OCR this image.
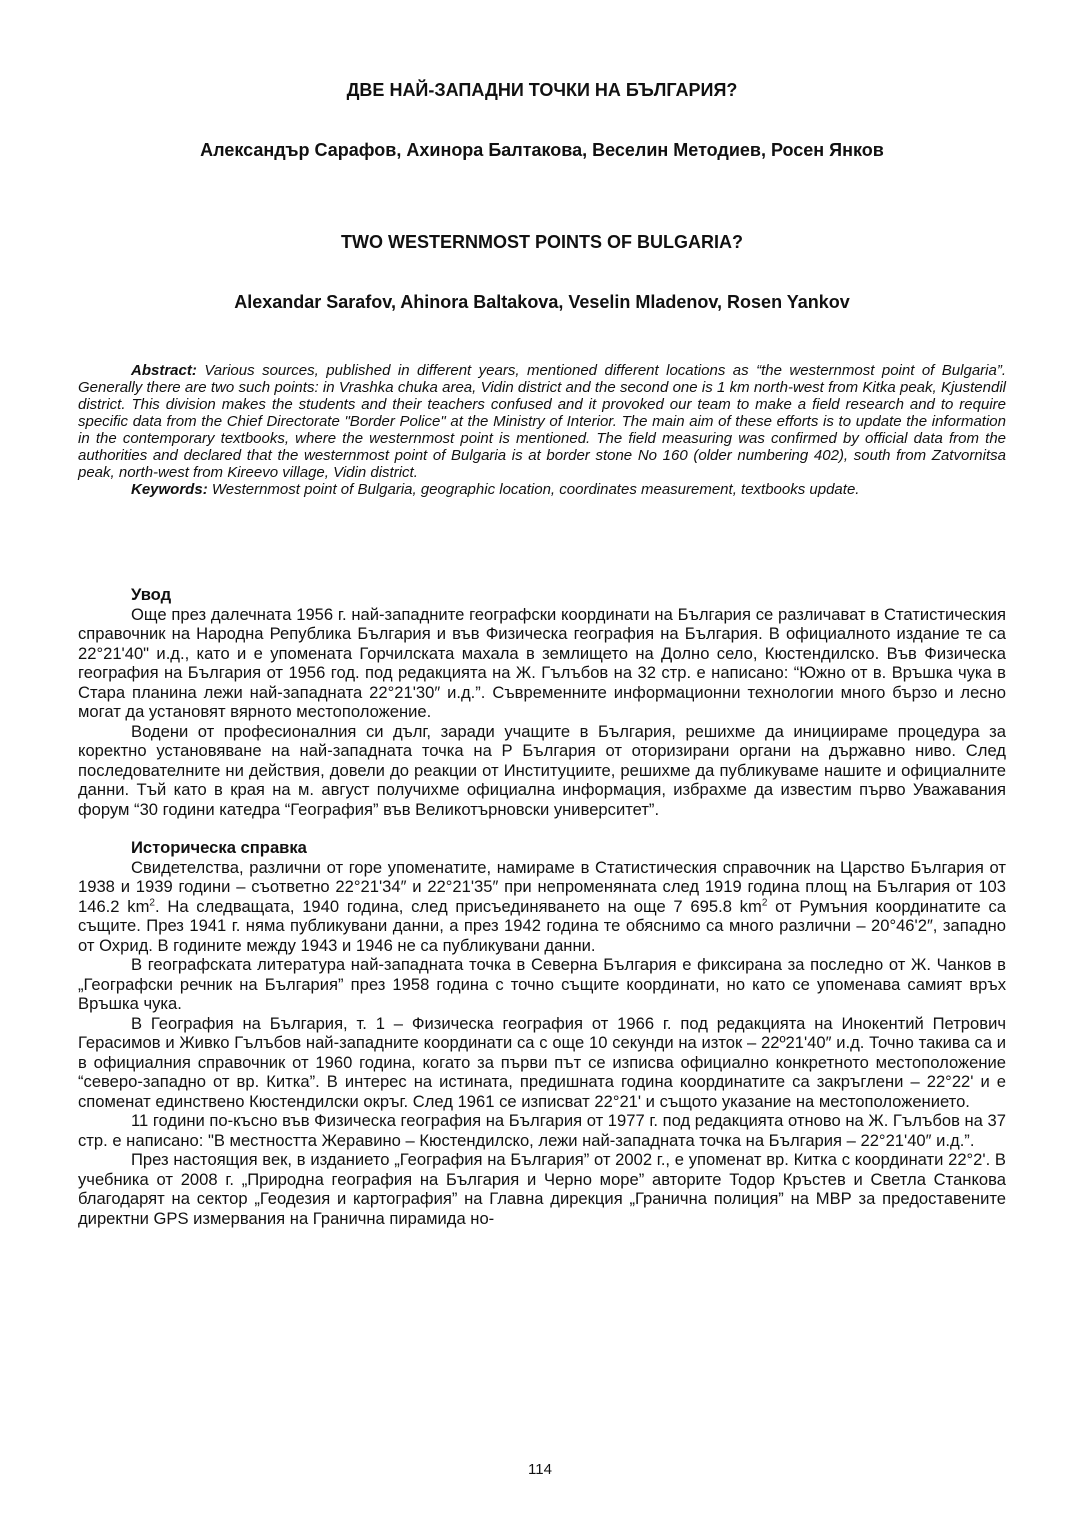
ДВЕ НАЙ-ЗАПАДНИ ТОЧКИ НА БЪЛГАРИЯ?
Александър Сарафов, Ахинора Балтакова, Веселин Методиев, Росен Янков
TWO WESTERNMOST POINTS OF BULGARIA?
Alexandar Sarafov, Ahinora Baltakova, Veselin Mladenov, Rosen Yankov

Abstract: Various sources, published in different years, mentioned different locations as “the westernmost point of Bulgaria”. Generally there are two such points: in Vrashka chuka area, Vidin district and the second one is 1 km north-west from Kitka peak, Kjustendil district. This division makes the students and their teachers confused and it provoked our team to make a field research and to require specific data from the Chief Directorate "Border Police" at the Ministry of Interior. The main aim of these efforts is to update the information in the contemporary textbooks, where the westernmost point is mentioned. The field measuring was confirmed by official data from the authorities and declared that the westernmost point of Bulgaria is at border stone No 160 (older numbering 402), south from Zatvornitsa peak, north-west from Kireevo village, Vidin district.

Keywords: Westernmost point of Bulgaria, geographic location, coordinates measurement, textbooks update.

Увод

Още през далечната 1956 г. най-западните географски координати на България се различават в Статистическия справочник на Народна Република България и във Физическа география на България. В официалното издание те са 22°21'40" и.д., като и е упомената Горчилската махала в землището на Долно село, Кюстендилско. Във Физическа география на България от 1956 год. под редакцията на Ж. Гълъбов на 32 стр. е написано: “Южно от в. Връшка чука в Стара планина лежи най-западната 22°21'30″ и.д.”. Съвременните информационни технологии много бързо и лесно могат да установят вярното местоположение.

Водени от професионалния си дълг, заради учащите в България, решихме да инициираме процедура за коректно установяване на най-западната точка на Р България от оторизирани органи на държавно ниво. След последователните ни действия, довели до реакции от Институциите, решихме да публикуваме нашите и официалните данни. Тъй като в края на м. август получихме официална информация, избрахме да известим първо Уважавания форум “30 години катедра “География” във Великотърновски университет”.

Историческа справка

Свидетелства, различни от горе упоменатите, намираме в Статистическия справочник на Царство България от 1938 и 1939 години – съответно 22°21'34″ и 22°21'35″ при непроменяната след 1919 година площ на България от 103 146.2 $km^2$. На следващата, 1940 година, след присъединяването на още 7 695.8 $km^2$ от Румъния координатите са същите. През 1941 г. няма публикувани данни, а през 1942 година те обяснимо са много различни – 20°46'2″, западно от Охрид. В годините между 1943 и 1946 не са публикувани данни.

В географската литература най-западната точка в Северна България е фиксирана за последно от Ж. Чанков в „Географски речник на България” през 1958 година с точно същите координати, но като се упоменава самият връх Връшка чука.

В География на България, т. 1 – Физическа география от 1966 г. под редакцията на Инокентий Петрович Герасимов и Живко Гълъбов най-западните координати са с още 10 секунди на изток – 22º21'40″ и.д. Точно такива са и в официалния справочник от 1960 година, когато за първи път се изписва официално конкретното местоположение “северо-западно от вр. Китка”. В интерес на истината, предишната година координатите са закръглени – 22°22' и е споменат единствено Кюстендилски окръг. След 1961 се изписват 22°21' и същото указание на местоположението.

11 години по-късно във Физическа география на България от 1977 г. под редакцията отново на Ж. Гълъбов на 37 стр. е написано: "В местността Жеравино – Кюстендилско, лежи най-западната точка на България – 22°21'40″ и.д.”.

През настоящия век, в изданието „География на България” от 2002 г., е упоменат вр. Китка с координати 22°2'. В учебника от 2008 г. „Природна география на България и Черно море” авторите Тодор Кръстев и Светла Станкова благодарят на сектор „Геодезия и картография” на Главна дирекция „Гранична полиция” на МВР за предоставените директни GPS измервания на Гранична пирамида но-

114
